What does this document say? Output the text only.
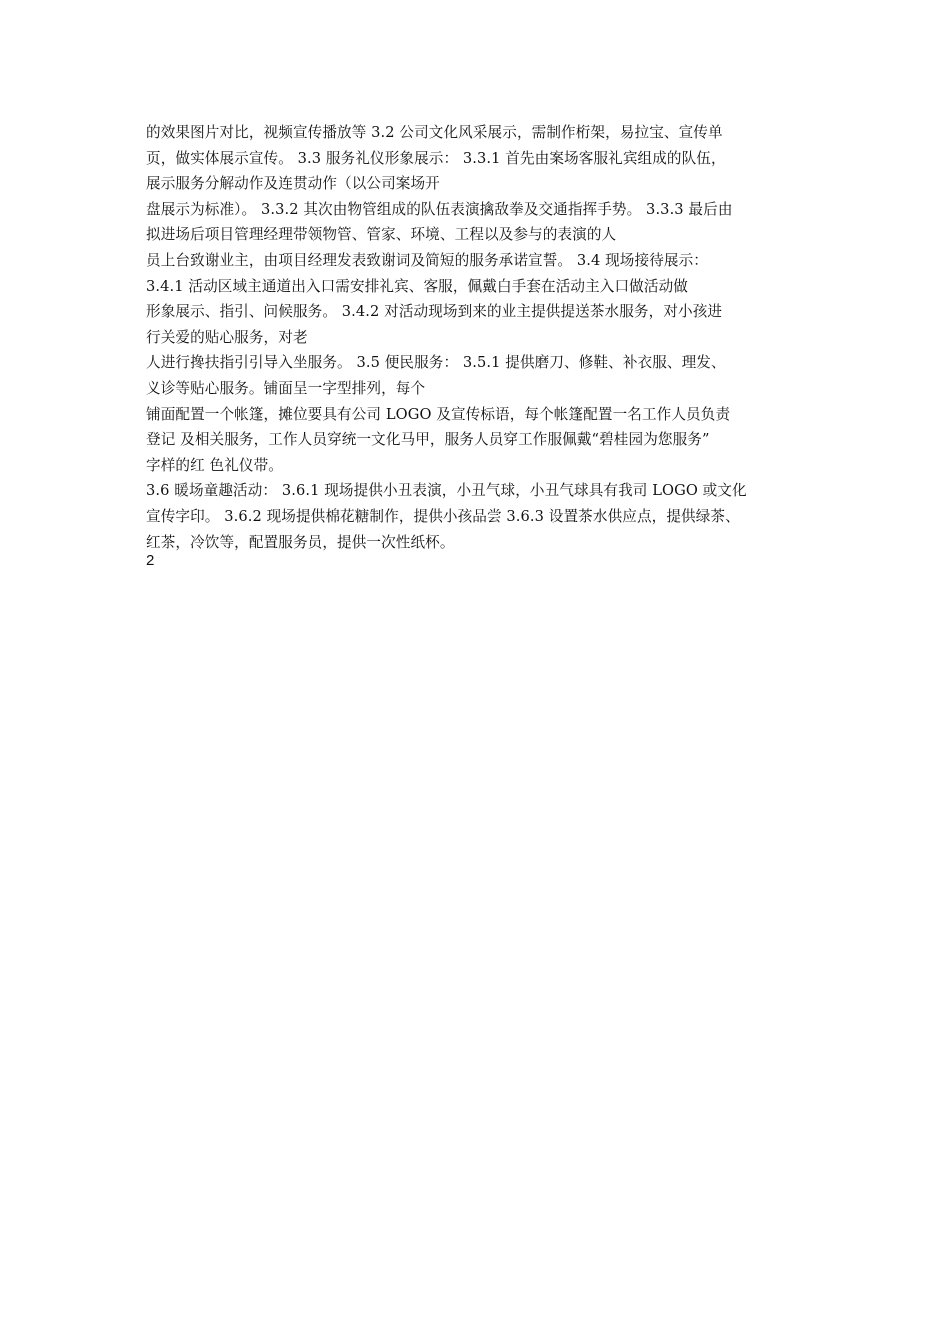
的效果图片对比，视频宣传播放等 3.2 公司文化风采展示，需制作桁架，易拉宝、宣传单
页，做实体展示宣传。 3.3 服务礼仪形象展示： 3.3.1 首先由案场客服礼宾组成的队伍，
展示服务分解动作及连贯动作（以公司案场开
盘展示为标准）。 3.3.2 其次由物管组成的队伍表演擒敌拳及交通指挥手势。 3.3.3 最后由
拟进场后项目管理经理带领物管、管家、环境、工程以及参与的表演的人
员上台致谢业主，由项目经理发表致谢词及简短的服务承诺宣誓。 3.4 现场接待展示：
3.4.1 活动区域主通道出入口需安排礼宾、客服，佩戴白手套在活动主入口做活动做
形象展示、指引、问候服务。 3.4.2 对活动现场到来的业主提供提送茶水服务，对小孩进
行关爱的贴心服务，对老
人进行搀扶指引引导入坐服务。 3.5 便民服务： 3.5.1 提供磨刀、修鞋、补衣服、理发、
义诊等贴心服务。铺面呈一字型排列，每个
铺面配置一个帐篷，摊位要具有公司 LOGO 及宣传标语，每个帐篷配置一名工作人员负责
登记 及相关服务，工作人员穿统一文化马甲，服务人员穿工作服佩戴“碧桂园为您服务”
字样的红 色礼仪带。
3.6 暖场童趣活动： 3.6.1 现场提供小丑表演，小丑气球，小丑气球具有我司 LOGO 或文化
宣传字印。 3.6.2 现场提供棉花糖制作，提供小孩品尝 3.6.3 设置茶水供应点，提供绿茶、
红茶，冷饮等，配置服务员，提供一次性纸杯。
2
